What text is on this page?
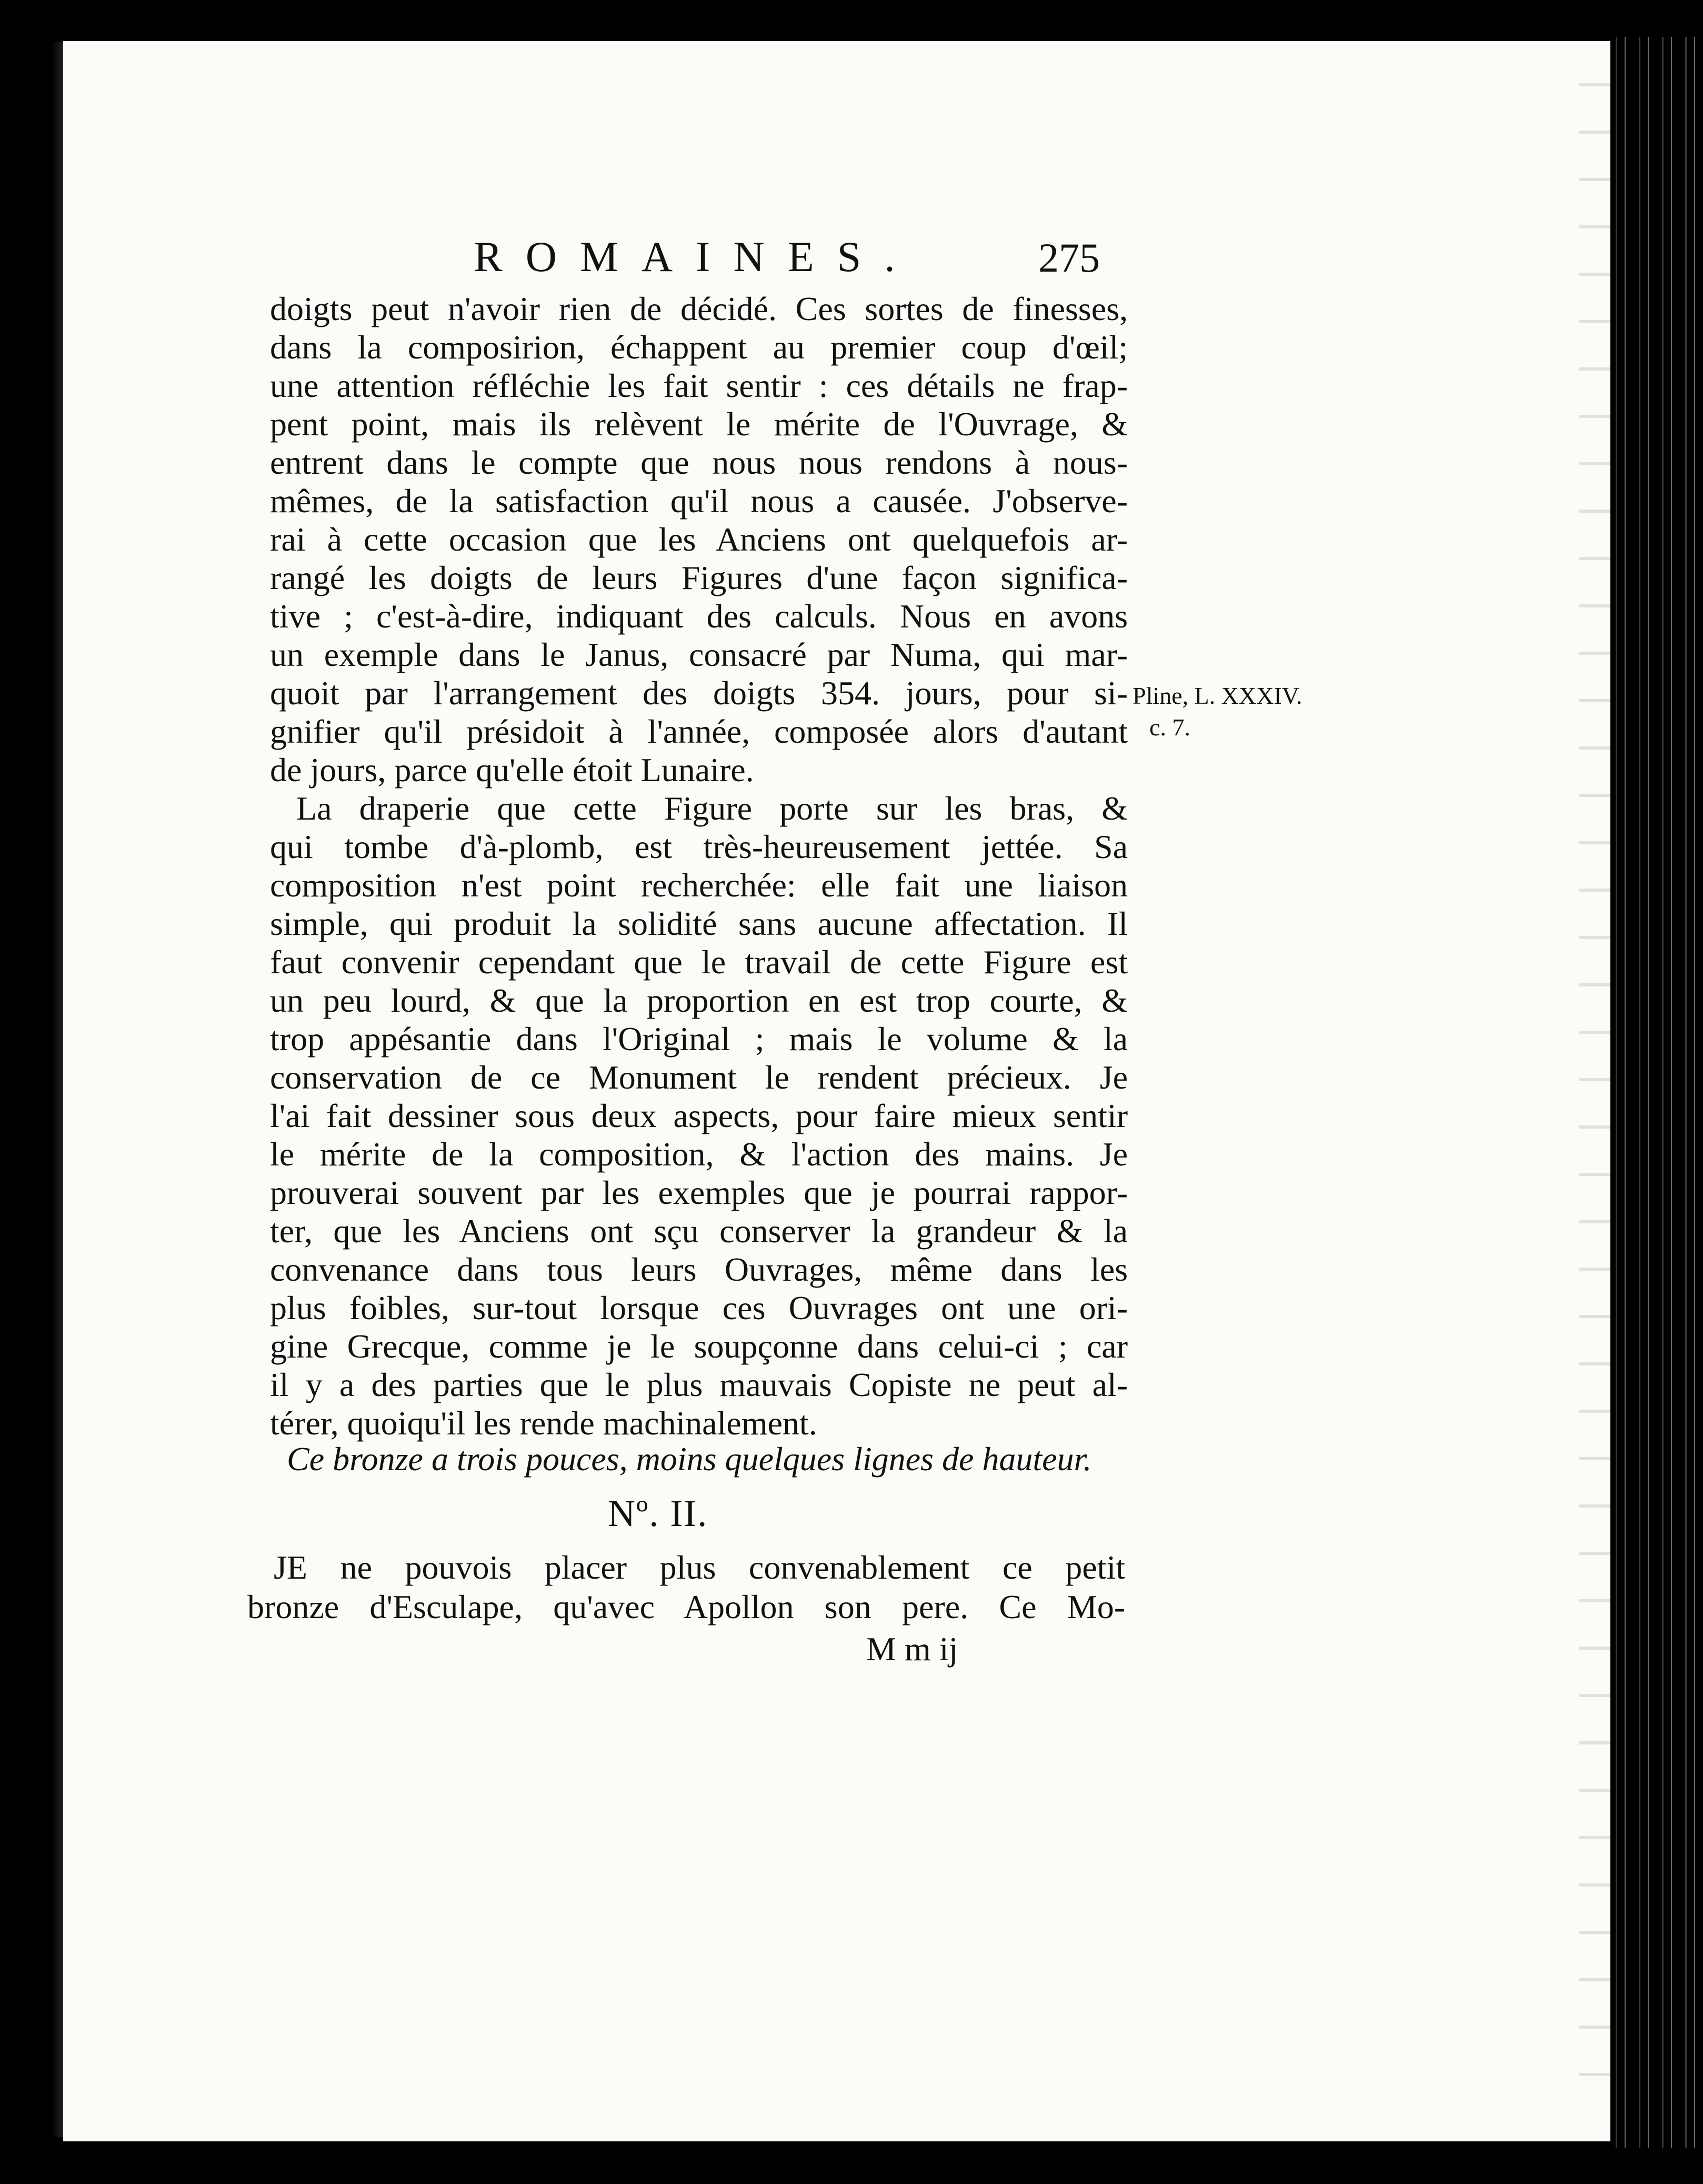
ROMAINES.	275
doigts peut n'avoir rien de décidé. Ces sortes de finesses,
dans la composirion, échappent au premier coup d'œil;
une attention réfléchie les fait sentir : ces détails ne frap-
pent point, mais ils relèvent le mérite de l'Ouvrage, &
entrent dans le compte que nous nous rendons à nous-
mêmes, de la satisfaction qu'il nous a causée. J'observe-
rai à cette occasion que les Anciens ont quelquefois ar-
rangé les doigts de leurs Figures d'une façon significa-
tive ; c'est-à-dire, indiquant des calculs. Nous en avons
un exemple dans le Janus, consacré par Numa, qui mar-
quoit par l'arrangement des doigts 354. jours, pour si-
gnifier qu'il présidoit à l'année, composée alors d'autant
de jours, parce qu'elle étoit Lunaire.
La draperie que cette Figure porte sur les bras, &
qui tombe d'à-plomb, est très-heureusement jettée. Sa
composition n'est point recherchée: elle fait une liaison
simple, qui produit la solidité sans aucune affectation. Il
faut convenir cependant que le travail de cette Figure est
un peu lourd, & que la proportion en est trop courte, &
trop appésantie dans l'Original ; mais le volume & la
conservation de ce Monument le rendent précieux. Je
l'ai fait dessiner sous deux aspects, pour faire mieux sentir
le mérite de la composition, & l'action des mains. Je
prouverai souvent par les exemples que je pourrai rappor-
ter, que les Anciens ont sçu conserver la grandeur & la
convenance dans tous leurs Ouvrages, même dans les
plus foibles, sur-tout lorsque ces Ouvrages ont une ori-
gine Grecque, comme je le soupçonne dans celui-ci ; car
il y a des parties que le plus mauvais Copiste ne peut al-
térer, quoiqu'il les rende machinalement.
Ce bronze a trois pouces, moins quelques lignes de hauteur.
Nº. II.
JE ne pouvois placer plus convenablement ce petit
bronze d'Esculape, qu'avec Apollon son pere. Ce Mo-
M m ij
Pline, L. XXXIV.
c. 7.
